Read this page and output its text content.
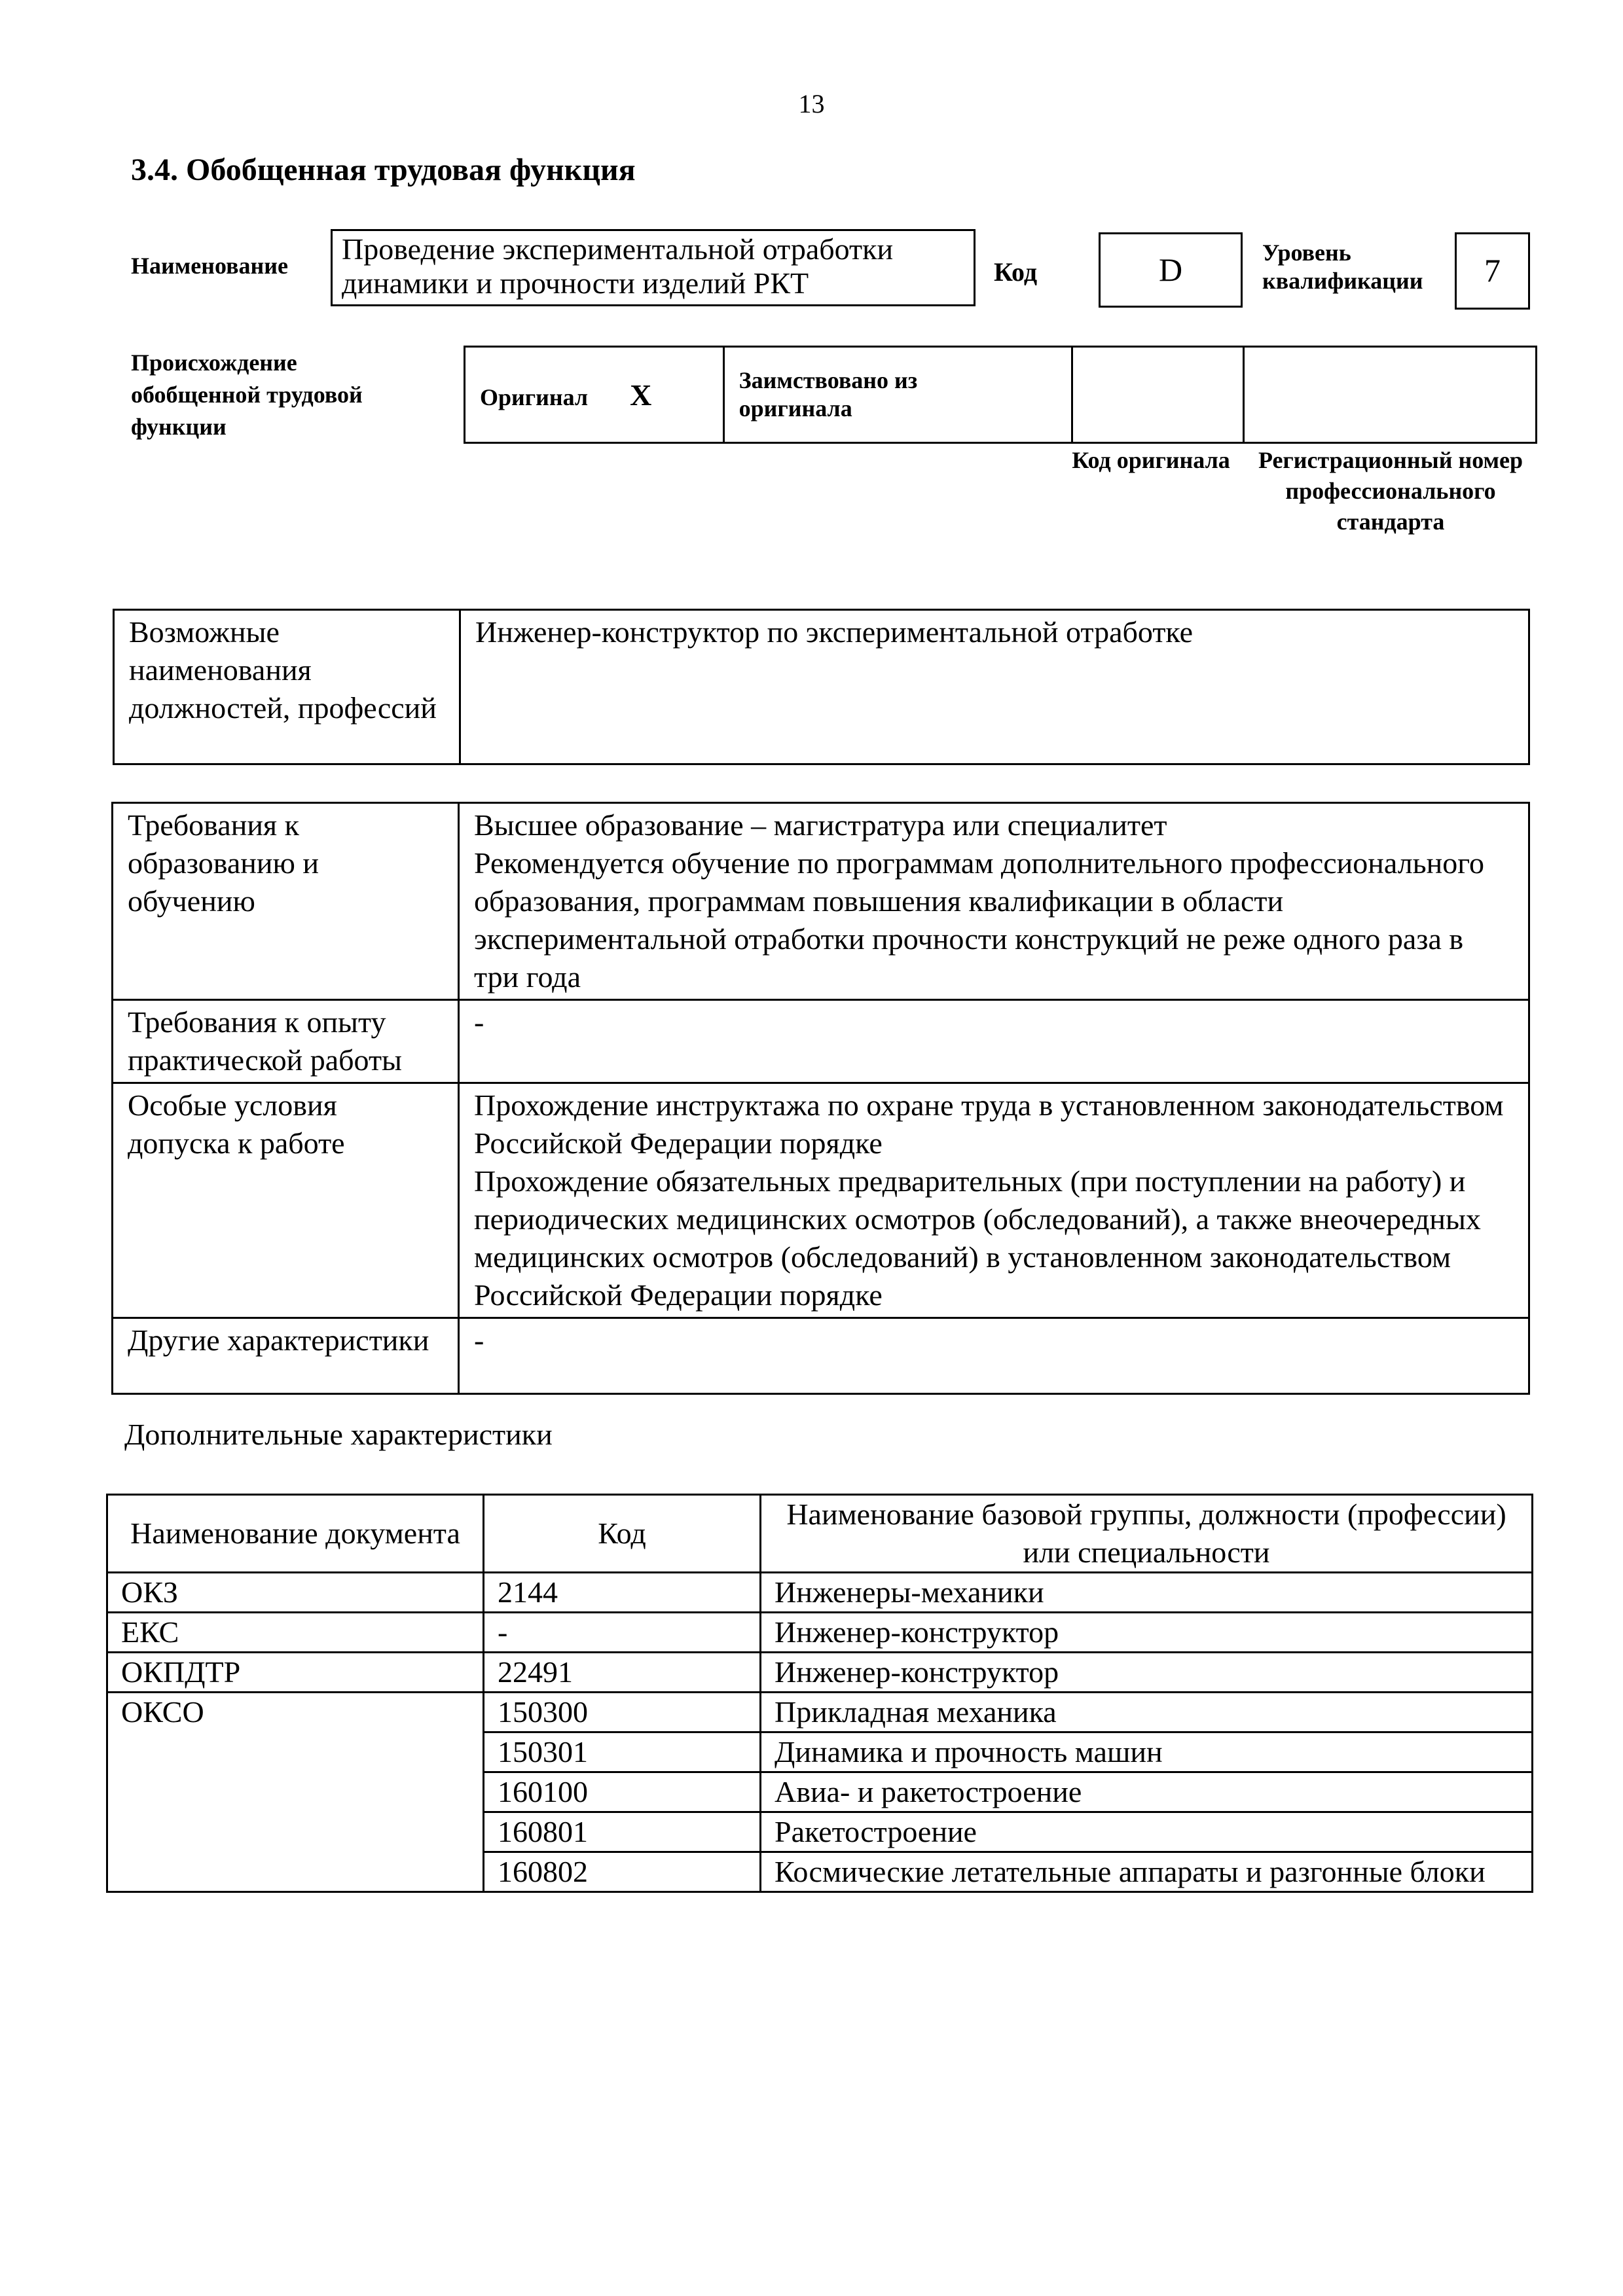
13
3.4. Обобщенная трудовая функция
Наименование	Проведение экспериментальной отработки динамики и прочности изделий РКТ	Код	D	Уровень квалификации	7
Происхождение обобщенной трудовой функции
Оригинал X	Заимствовано из оригинала

Код оригинала	Регистрационный номер профессионального стандарта
Возможные наименования должностей, профессий	Инженер-конструктор по экспериментальной отработке
Требования к образованию и обучению	Высшее образование – магистратура или специалитет
Рекомендуется обучение по программам дополнительного профессионального образования, программам повышения квалификации в области экспериментальной отработки прочности конструкций не реже одного раза в три года
Требования к опыту практической работы	-
Особые условия допуска к работе	Прохождение инструктажа по охране труда в установленном законодательством Российской Федерации порядке
Прохождение обязательных предварительных (при поступлении на работу) и периодических медицинских осмотров (обследований), а также внеочередных медицинских осмотров (обследований) в установленном законодательством Российской Федерации порядке
Другие характеристики	-
Дополнительные характеристики
Наименование документа	Код	Наименование базовой группы, должности (профессии) или специальности
ОКЗ	2144	Инженеры-механики
ЕКС	-	Инженер-конструктор
ОКПДТР	22491	Инженер-конструктор
ОКСО	150300	Прикладная механика
	150301	Динамика и прочность машин
	160100	Авиа- и ракетостроение
	160801	Ракетостроение
	160802	Космические летательные аппараты и разгонные блоки
